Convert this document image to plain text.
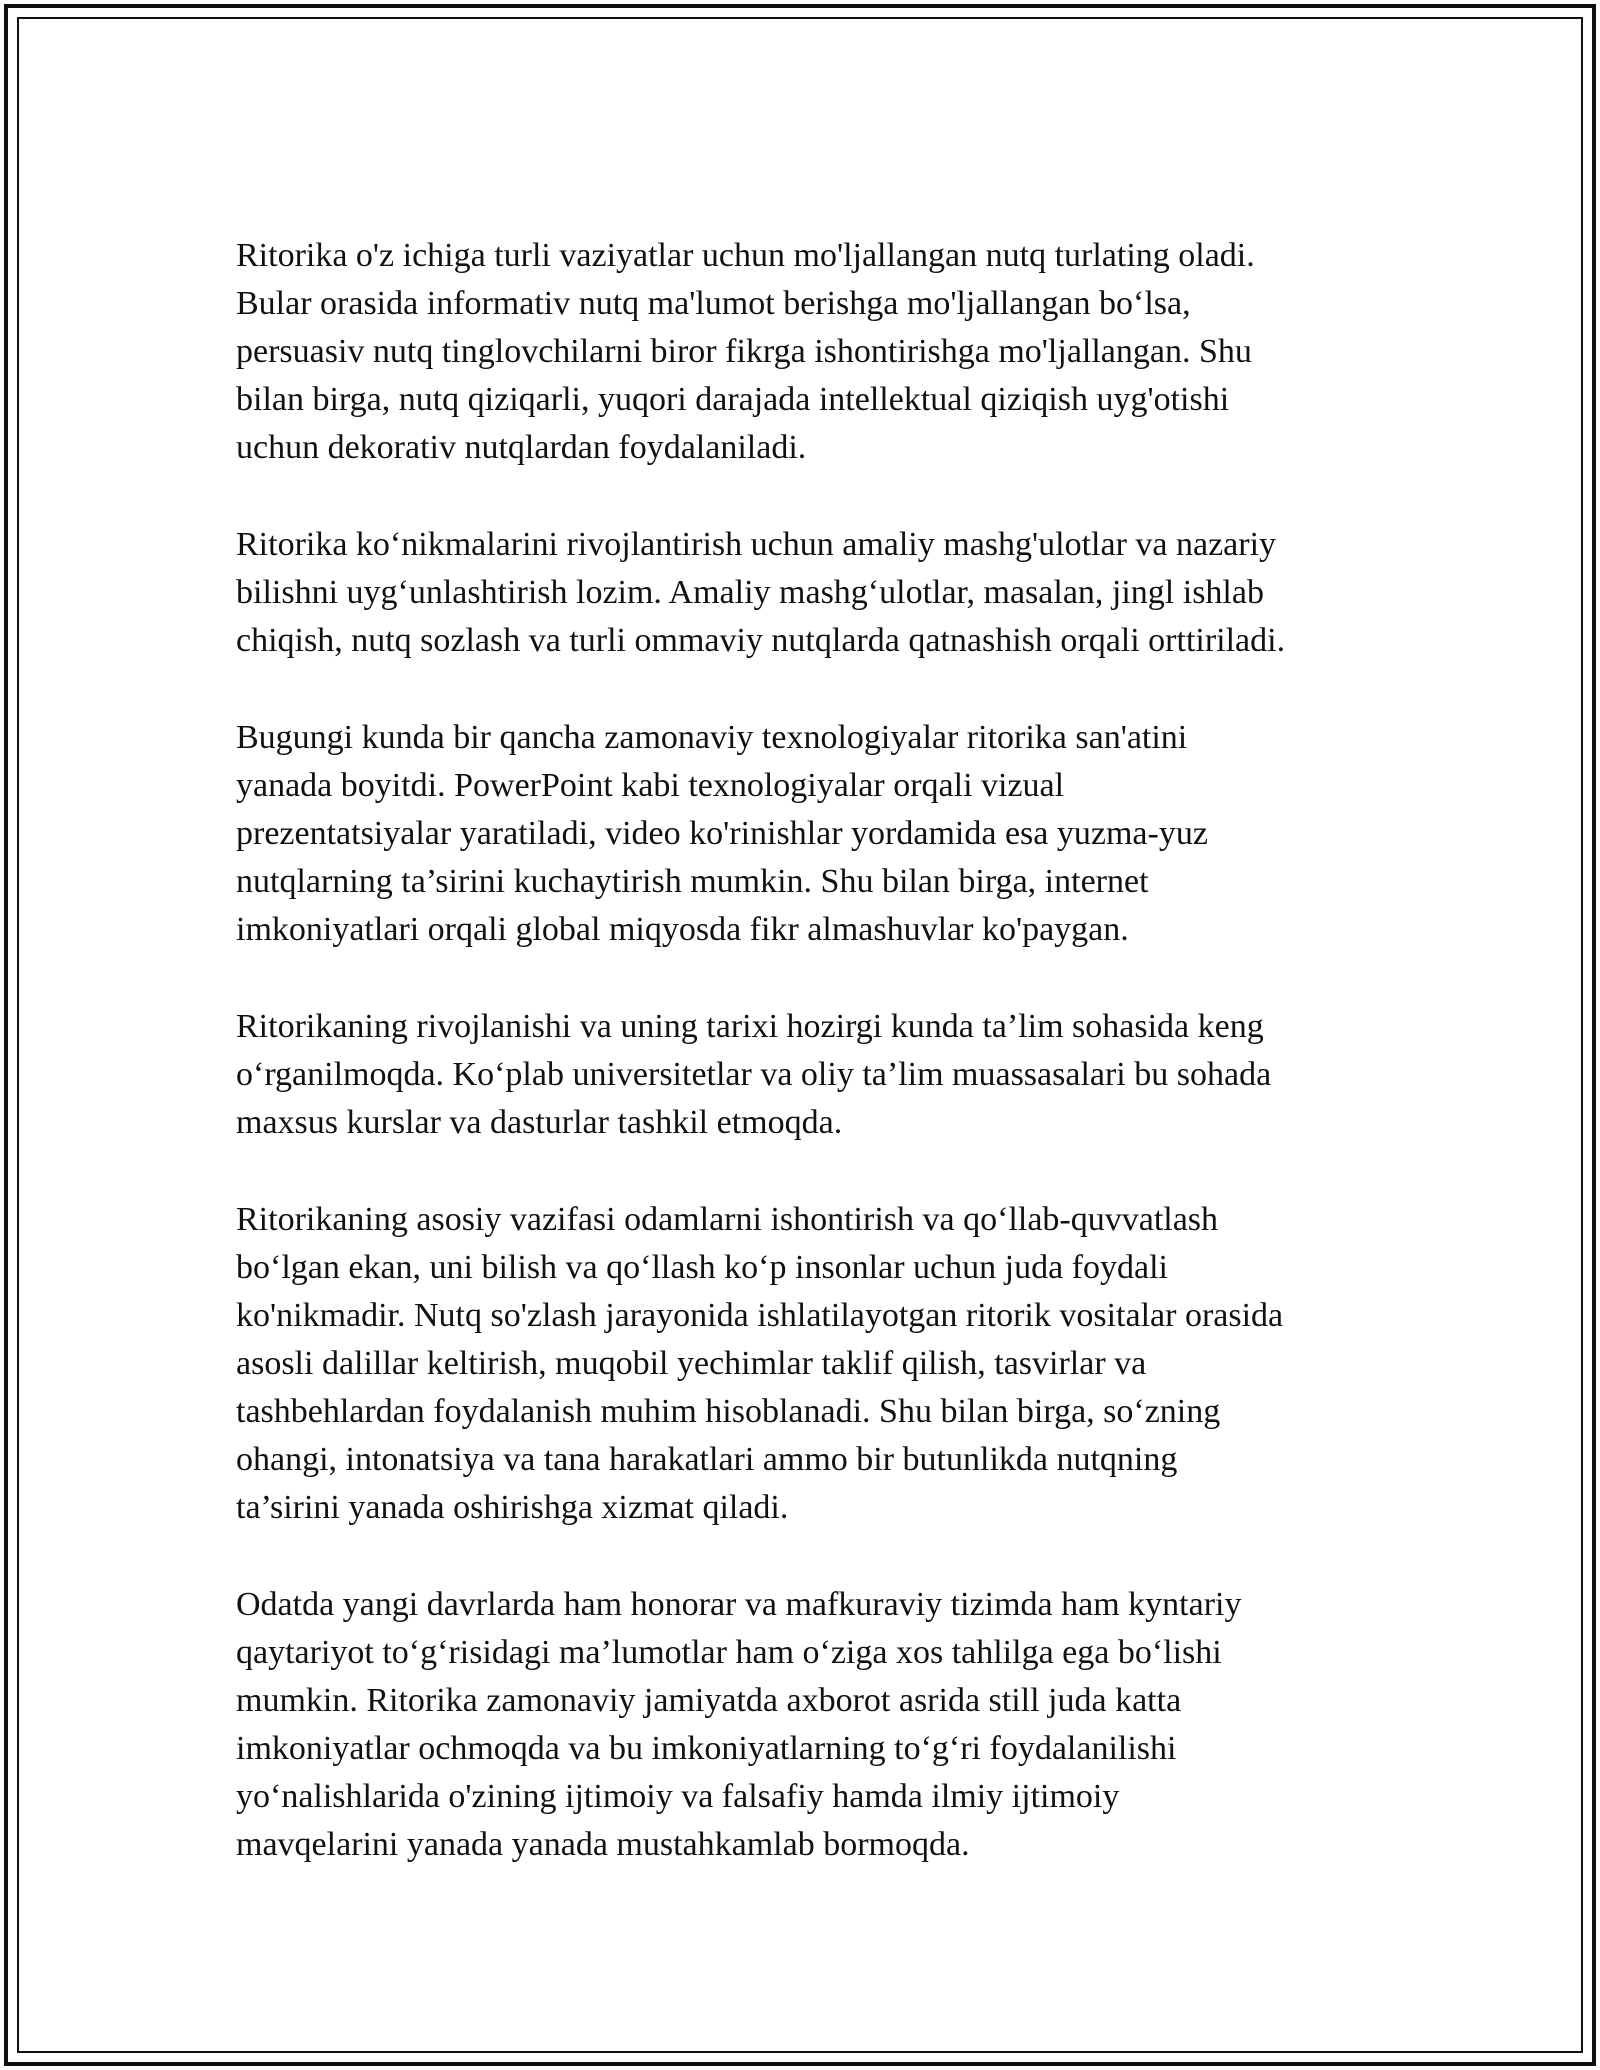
Ritorika o'z ichiga turli vaziyatlar uchun mo'ljallangan nutq turlating oladi.
Bular orasida informativ nutq ma'lumot berishga mo'ljallangan bo‘lsa,
persuasiv nutq tinglovchilarni biror fikrga ishontirishga mo'ljallangan. Shu
bilan birga, nutq qiziqarli, yuqori darajada intellektual qiziqish uyg'otishi
uchun dekorativ nutqlardan foydalaniladi.

Ritorika ko‘nikmalarini rivojlantirish uchun amaliy mashg'ulotlar va nazariy
bilishni uyg‘unlashtirish lozim. Amaliy mashg‘ulotlar, masalan, jingl ishlab
chiqish, nutq sozlash va turli ommaviy nutqlarda qatnashish orqali orttiriladi.

Bugungi kunda bir qancha zamonaviy texnologiyalar ritorika san'atini
yanada boyitdi. PowerPoint kabi texnologiyalar orqali vizual
prezentatsiyalar yaratiladi, video ko'rinishlar yordamida esa yuzma-yuz
nutqlarning ta’sirini kuchaytirish mumkin. Shu bilan birga, internet
imkoniyatlari orqali global miqyosda fikr almashuvlar ko'paygan.

Ritorikaning rivojlanishi va uning tarixi hozirgi kunda ta’lim sohasida keng
o‘rganilmoqda. Ko‘plab universitetlar va oliy ta’lim muassasalari bu sohada
maxsus kurslar va dasturlar tashkil etmoqda.

Ritorikaning asosiy vazifasi odamlarni ishontirish va qo‘llab-quvvatlash
bo‘lgan ekan, uni bilish va qo‘llash ko‘p insonlar uchun juda foydali
ko'nikmadir. Nutq so'zlash jarayonida ishlatilayotgan ritorik vositalar orasida
asosli dalillar keltirish, muqobil yechimlar taklif qilish, tasvirlar va
tashbehlardan foydalanish muhim hisoblanadi. Shu bilan birga, so‘zning
ohangi, intonatsiya va tana harakatlari ammo bir butunlikda nutqning
ta’sirini yanada oshirishga xizmat qiladi.

Odatda yangi davrlarda ham honorar va mafkuraviy tizimda ham kyntariy
qaytariyot to‘g‘risidagi ma’lumotlar ham o‘ziga xos tahlilga ega bo‘lishi
mumkin. Ritorika zamonaviy jamiyatda axborot asrida still juda katta
imkoniyatlar ochmoqda va bu imkoniyatlarning to‘g‘ri foydalanilishi
yo‘nalishlarida o'zining ijtimoiy va falsafiy hamda ilmiy ijtimoiy
mavqelarini yanada yanada mustahkamlab bormoqda.
